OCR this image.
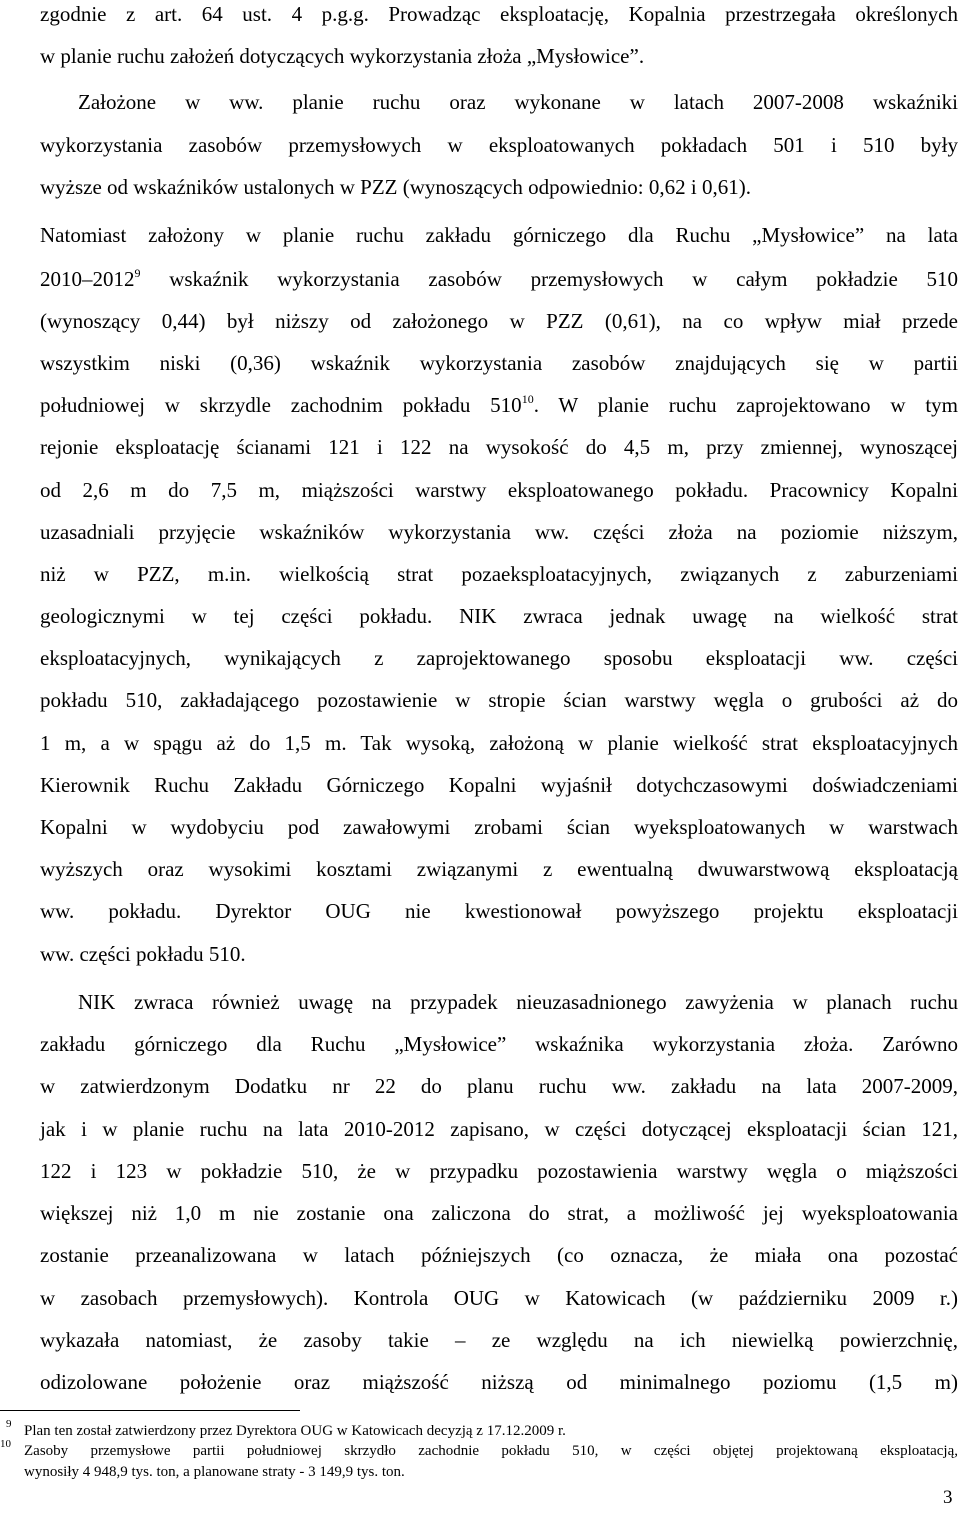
zgodnie z art. 64 ust. 4 p.g.g. Prowadząc eksploatację, Kopalnia przestrzegała określonych
w planie ruchu założeń dotyczących wykorzystania złoża „Mysłowice”.
Założone w ww. planie ruchu oraz wykonane w latach 2007-2008 wskaźniki
wykorzystania zasobów przemysłowych w eksploatowanych pokładach 501 i 510 były
wyższe od wskaźników ustalonych w PZZ (wynoszących odpowiednio: 0,62 i 0,61).
Natomiast założony w planie ruchu zakładu górniczego dla Ruchu „Mysłowice” na lata
2010–2012$^9$ wskaźnik wykorzystania zasobów przemysłowych w całym pokładzie 510
(wynoszący 0,44) był niższy od założonego w PZZ (0,61), na co wpływ miał przede
wszystkim niski (0,36) wskaźnik wykorzystania zasobów znajdujących się w partii
południowej w skrzydle zachodnim pokładu $510^{10}$. W planie ruchu zaprojektowano w tym
rejonie eksploatację ścianami 121 i 122 na wysokość do 4,5 m, przy zmiennej, wynoszącej
od 2,6 m do 7,5 m, miąższości warstwy eksploatowanego pokładu. Pracownicy Kopalni
uzasadniali przyjęcie wskaźników wykorzystania ww. części złoża na poziomie niższym,
niż w PZZ, m.in. wielkością strat pozaeksploatacyjnych, związanych z zaburzeniami
geologicznymi w tej części pokładu. NIK zwraca jednak uwagę na wielkość strat
eksploatacyjnych, wynikających z zaprojektowanego sposobu eksploatacji ww. części
pokładu 510, zakładającego pozostawienie w stropie ścian warstwy węgla o grubości aż do
1 m, a w spągu aż do 1,5 m. Tak wysoką, założoną w planie wielkość strat eksploatacyjnych
Kierownik Ruchu Zakładu Górniczego Kopalni wyjaśnił dotychczasowymi doświadczeniami
Kopalni w wydobyciu pod zawałowymi zrobami ścian wyeksploatowanych w warstwach
wyższych oraz wysokimi kosztami związanymi z ewentualną dwuwarstwową eksploatacją
ww. pokładu. Dyrektor OUG nie kwestionował powyższego projektu eksploatacji
ww. części pokładu 510.
NIK zwraca również uwagę na przypadek nieuzasadnionego zawyżenia w planach ruchu
zakładu górniczego dla Ruchu „Mysłowice” wskaźnika wykorzystania złoża. Zarówno
w zatwierdzonym Dodatku nr 22 do planu ruchu ww. zakładu na lata 2007-2009,
jak i w planie ruchu na lata 2010-2012 zapisano, w części dotyczącej eksploatacji ścian 121,
122 i 123 w pokładzie 510, że w przypadku pozostawienia warstwy węgla o miąższości
większej niż 1,0 m nie zostanie ona zaliczona do strat, a możliwość jej wyeksploatowania
zostanie przeanalizowana w latach późniejszych (co oznacza, że miała ona pozostać
w zasobach przemysłowych). Kontrola OUG w Katowicach (w październiku 2009 r.)
wykazała natomiast, że zasoby takie – ze względu na ich niewielką powierzchnię,
odizolowane położenie oraz miąższość niższą od minimalnego poziomu (1,5 m)
9 Plan ten został zatwierdzony przez Dyrektora OUG w Katowicach decyzją z 17.12.2009 r.
10 Zasoby przemysłowe partii południowej skrzydło zachodnie pokładu 510, w części objętej projektowaną eksploatacją,
wynosiły 4 948,9 tys. ton, a planowane straty - 3 149,9 tys. ton.
3
